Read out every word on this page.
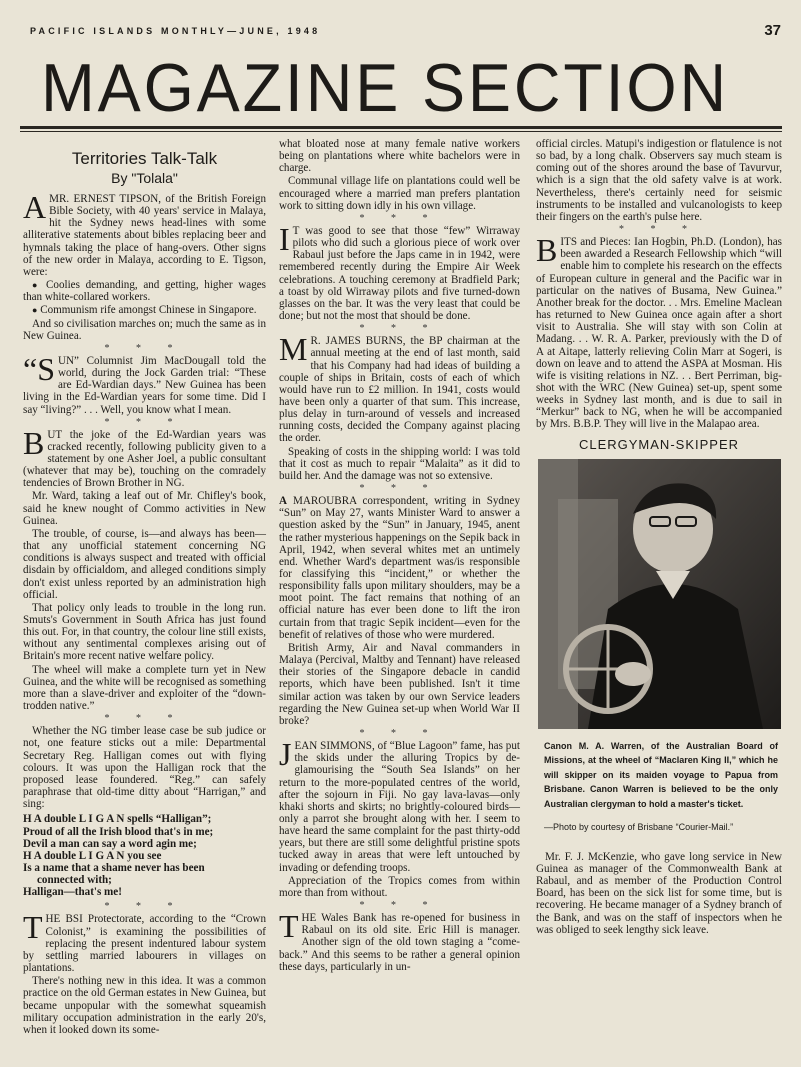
PACIFIC ISLANDS MONTHLY—JUNE, 1948	37
MAGAZINE SECTION
Territories Talk-Talk
By "Tolala"

AMR. ERNEST TIPSON, of the British Foreign Bible Society, with 40 years' service in Malaya, hit the Sydney news head-lines with some alliterative statements about bibles replacing beer and hymnals taking the place of hang-overs. Other signs of the new order in Malaya, according to E. Tigson, were:

● Coolies demanding, and getting, higher wages than white-collared workers.

● Communism rife amongst Chinese in Singapore.

And so civilisation marches on; much the same as in New Guinea.

* * *

“SUN” Columnist Jim MacDougall told the world, during the Jock Garden trial: “These are Ed-Wardian days.” New Guinea has been living in the Ed-Wardian years for some time. Did I say “living?” . . . Well, you know what I mean.

* * *

BUT the joke of the Ed-Wardian years was cracked recently, following publicity given to a statement by one Asher Joel, a public consultant (whatever that may be), touching on the comradely tendencies of Brown Brother in NG.

Mr. Ward, taking a leaf out of Mr. Chifley's book, said he knew nought of Commo activities in New Guinea.

The trouble, of course, is—and always has been—that any unofficial statement concerning NG conditions is always suspect and treated with official disdain by officialdom, and alleged conditions simply don't exist unless reported by an administration high official.

That policy only leads to trouble in the long run. Smuts's Government in South Africa has just found this out. For, in that country, the colour line still exists, without any sentimental complexes arising out of Britain's more recent native welfare policy.

The wheel will make a complete turn yet in New Guinea, and the white will be recognised as something more than a slave-driver and exploiter of the “down-trodden native.”

* * *

Whether the NG timber lease case be sub judice or not, one feature sticks out a mile: Departmental Secretary Reg. Halligan comes out with flying colours. It was upon the Halligan rock that the proposed lease foundered. “Reg.” can safely paraphrase that old-time ditty about “Harrigan,” and sing:

H A double L I G A N spells “Halligan”;
Proud of all the Irish blood that's in me;
Devil a man can say a word agin me;
H A double L I G A N you see
Is a name that a shame never has been
connected with;
Halligan—that's me!
* * *

THE BSI Protectorate, according to the “Crown Colonist,” is examining the possibilities of replacing the present indentured labour system by settling married labourers in villages on plantations.

There's nothing new in this idea. It was a common practice on the old German estates in New Guinea, but became unpopular with the somewhat squeamish military occupation administration in the early 20's, when it looked down its some-

what bloated nose at many female native workers being on plantations where white bachelors were in charge.

Communal village life on plantations could well be encouraged where a married man prefers plantation work to sitting down idly in his own village.

* * *

I T was good to see that those “few” Wirraway pilots who did such a glorious piece of work over Rabaul just before the Japs came in in 1942, were remembered recently during the Empire Air Week celebrations. A touching ceremony at Bradfield Park; a toast by old Wirraway pilots and five turned-down glasses on the bar. It was the very least that could be done; but not the most that should be done.

* * *

M R. JAMES BURNS, the BP chairman at the annual meeting at the end of last month, said that his Company had had ideas of building a couple of ships in Britain, costs of each of which would have run to £2 million. In 1941, costs would have been only a quarter of that sum. This increase, plus delay in turn-around of vessels and increased running costs, decided the Company against placing the order.

Speaking of costs in the shipping world: I was told that it cost as much to repair “Malaita” as it did to build her. And the damage was not so extensive.

* * *

A MAROUBRA correspondent, writing in Sydney “Sun” on May 27, wants Minister Ward to answer a question asked by the “Sun” in January, 1945, anent the rather mysterious happenings on the Sepik back in April, 1942, when several whites met an untimely end. Whether Ward's department was/is responsible for classifying this “incident,” or whether the responsibility falls upon military shoulders, may be a moot point. The fact remains that nothing of an official nature has ever been done to lift the iron curtain from that tragic Sepik incident—even for the benefit of relatives of those who were murdered.

British Army, Air and Naval commanders in Malaya (Percival, Maltby and Tennant) have released their stories of the Singapore debacle in candid reports, which have been published. Isn't it time similar action was taken by our own Service leaders regarding the New Guinea set-up when World War II broke?

* * *

JEAN SIMMONS, of “Blue Lagoon” fame, has put the skids under the alluring Tropics by de-glamourising the “South Sea Islands” on her return to the more-populated centres of the world, after the sojourn in Fiji. No gay lava-lavas—only khaki shorts and skirts; no brightly-coloured birds—only a parrot she brought along with her. I seem to have heard the same complaint for the past thirty-odd years, but there are still some delightful pristine spots tucked away in areas that were left untouched by invading or defending troops.

Appreciation of the Tropics comes from within more than from without.

* * *

THE Wales Bank has re-opened for business in Rabaul on its old site. Eric Hill is manager. Another sign of the old town staging a “come-back.” And this seems to be rather a general opinion these days, particularly in un-

official circles. Matupi's indigestion or flatulence is not so bad, by a long chalk. Observers say much steam is coming out of the shores around the base of Tavurvur, which is a sign that the old safety valve is at work. Nevertheless, there's certainly need for seismic instruments to be installed and vulcanologists to keep their fingers on the earth's pulse here.

* * *

BITS and Pieces: Ian Hogbin, Ph.D. (London), has been awarded a Research Fellowship which “will enable him to complete his research on the effects of European culture in general and the Pacific war in particular on the natives of Busama, New Guinea.” Another break for the doctor. . . Mrs. Emeline Maclean has returned to New Guinea once again after a short visit to Australia. She will stay with son Colin at Madang. . . W. R. A. Parker, previously with the D of A at Aitape, latterly relieving Colin Marr at Sogeri, is down on leave and to attend the ASPA at Mosman. His wife is visiting relations in NZ. . . Bert Perriman, big-shot with the WRC (New Guinea) set-up, spent some weeks in Sydney last month, and is due to sail in “Merkur” back to NG, when he will be accompanied by Mrs. B.B.P. They will live in the Malapao area.

CLERGYMAN-SKIPPER
Canon M. A. Warren, of the Australian Board of Missions, at the wheel of “Maclaren King II,” which he will skipper on its maiden voyage to Papua from Brisbane. Canon Warren is believed to be the only Australian clergyman to hold a master's ticket.
—Photo by courtesy of Brisbane “Courier-Mail.”

Mr. F. J. McKenzie, who gave long service in New Guinea as manager of the Commonwealth Bank at Rabaul, and as member of the Production Control Board, has been on the sick list for some time, but is recovering. He became manager of a Sydney branch of the Bank, and was on the staff of inspectors when he was obliged to seek lengthy sick leave.
